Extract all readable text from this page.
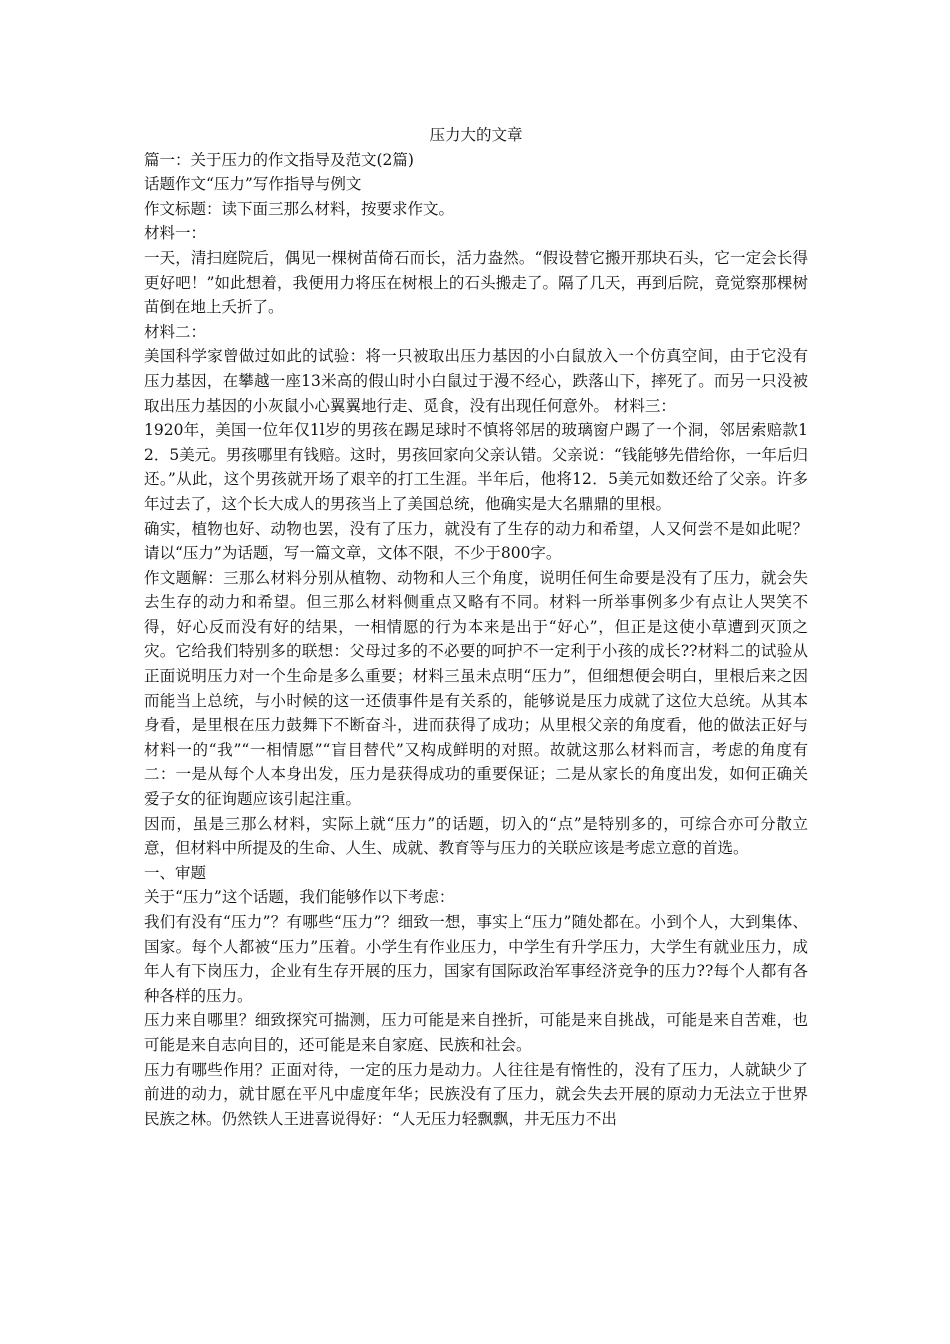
压力大的文章
篇一：关于压力的作文指导及范文(2篇)
话题作文“压力”写作指导与例文
作文标题：读下面三那么材料，按要求作文。
材料一：
一天，清扫庭院后，偶见一棵树苗倚石而长，活力盎然。“假设替它搬开那块石头，它一定会长得更好吧！”如此想着，我便用力将压在树根上的石头搬走了。隔了几天，再到后院，竟觉察那棵树苗倒在地上夭折了。
材料二：
美国科学家曾做过如此的试验：将一只被取出压力基因的小白鼠放入一个仿真空间，由于它没有压力基因，在攀越一座13米高的假山时小白鼠过于漫不经心，跌落山下，摔死了。而另一只没被取出压力基因的小灰鼠小心翼翼地行走、觅食，没有出现任何意外。 材料三：
1920年，美国一位年仅1l岁的男孩在踢足球时不慎将邻居的玻璃窗户踢了一个洞，邻居索赔款12．5美元。男孩哪里有钱赔。这时，男孩回家向父亲认错。父亲说：“钱能够先借给你，一年后归还。”从此，这个男孩就开场了艰辛的打工生涯。半年后，他将12．5美元如数还给了父亲。许多年过去了，这个长大成人的男孩当上了美国总统，他确实是大名鼎鼎的里根。
确实，植物也好、动物也罢，没有了压力，就没有了生存的动力和希望，人又何尝不是如此呢？请以“压力”为话题，写一篇文章，文体不限，不少于800字。
作文题解：三那么材料分别从植物、动物和人三个角度，说明任何生命要是没有了压力，就会失去生存的动力和希望。但三那么材料侧重点又略有不同。材料一所举事例多少有点让人哭笑不得，好心反而没有好的结果，一相情愿的行为本来是出于“好心”，但正是这使小草遭到灭顶之灾。它给我们特别多的联想：父母过多的不必要的呵护不一定利于小孩的成长??材料二的试验从正面说明压力对一个生命是多么重要；材料三虽未点明“压力”，但细想便会明白，里根后来之因而能当上总统，与小时候的这一还债事件是有关系的，能够说是压力成就了这位大总统。从其本身看，是里根在压力鼓舞下不断奋斗，进而获得了成功；从里根父亲的角度看，他的做法正好与材料一的“我”“一相情愿”“盲目替代”又构成鲜明的对照。故就这那么材料而言，考虑的角度有二：一是从每个人本身出发，压力是获得成功的重要保证；二是从家长的角度出发，如何正确关爱子女的征询题应该引起注重。
因而，虽是三那么材料，实际上就“压力”的话题，切入的“点”是特别多的，可综合亦可分散立意，但材料中所提及的生命、人生、成就、教育等与压力的关联应该是考虑立意的首选。
一、审题
关于“压力”这个话题，我们能够作以下考虑：
我们有没有“压力”？有哪些“压力”？细致一想，事实上“压力”随处都在。小到个人，大到集体、国家。每个人都被“压力”压着。小学生有作业压力，中学生有升学压力，大学生有就业压力，成年人有下岗压力，企业有生存开展的压力，国家有国际政治军事经济竞争的压力??每个人都有各种各样的压力。
压力来自哪里？细致探究可揣测，压力可能是来自挫折，可能是来自挑战，可能是来自苦难，也可能是来自志向目的，还可能是来自家庭、民族和社会。
压力有哪些作用？正面对待，一定的压力是动力。人往往是有惰性的，没有了压力，人就缺少了前进的动力，就甘愿在平凡中虚度年华；民族没有了压力，就会失去开展的原动力无法立于世界民族之林。仍然铁人王进喜说得好：“人无压力轻飘飘，井无压力不出
